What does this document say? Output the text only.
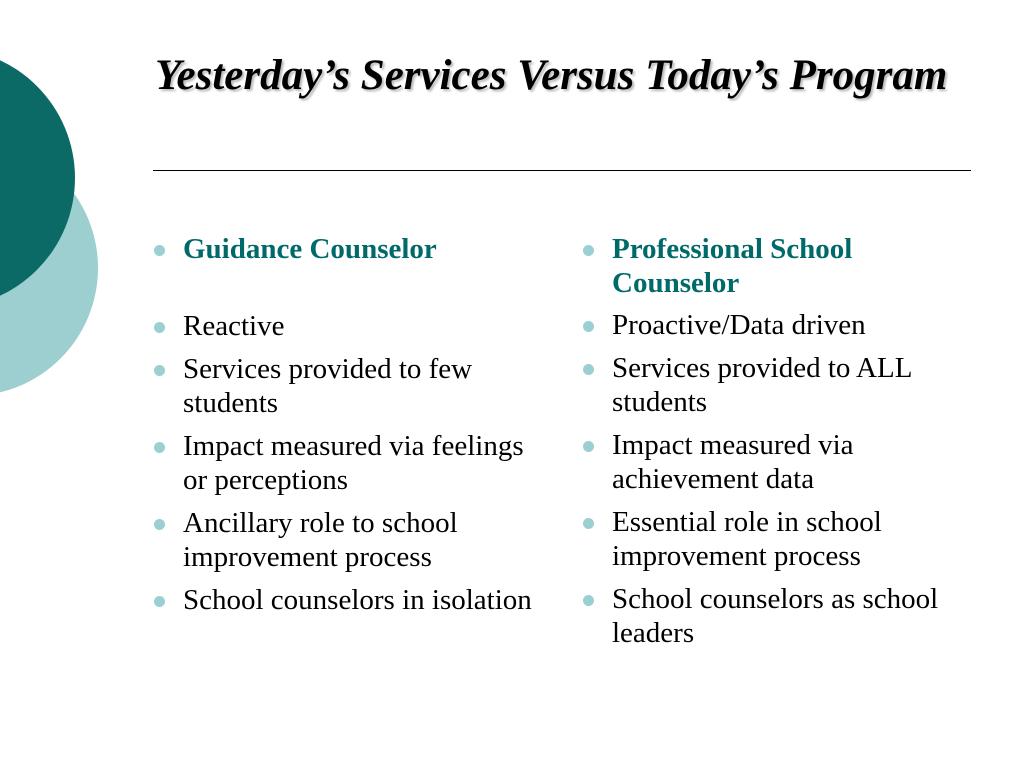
Yesterday’s Services Versus Today’s Program
Guidance Counselor
Reactive
Services provided to few students
Impact measured via feelings or perceptions
Ancillary role to school improvement process
School counselors in isolation
Professional School Counselor
Proactive/Data driven
Services provided to ALL students
Impact measured via achievement data
Essential role in school improvement process
School counselors as school leaders
